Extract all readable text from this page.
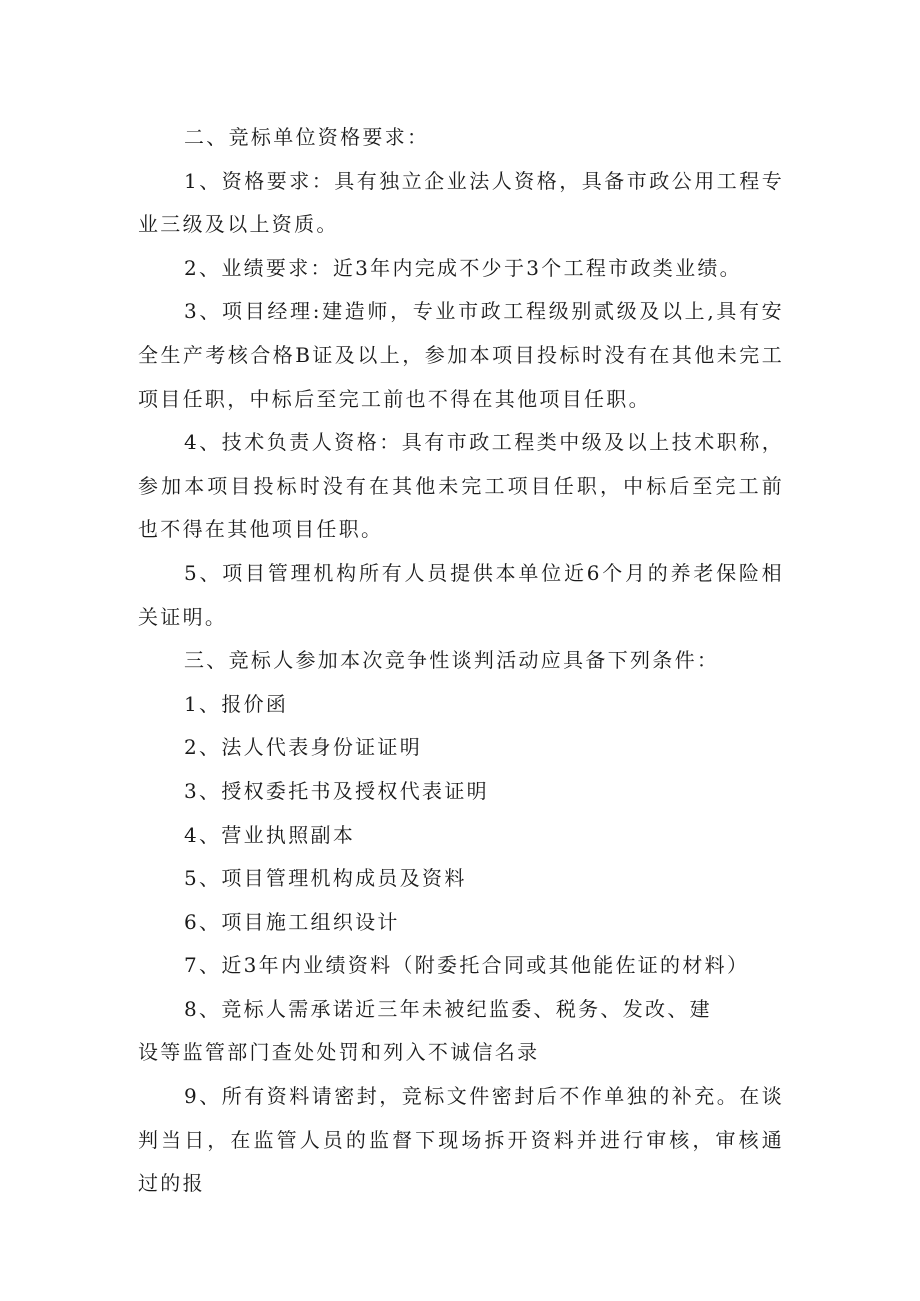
二、竞标单位资格要求：

1、资格要求：具有独立企业法人资格，具备市政公用工程专业三级及以上资质。

2、业绩要求：近3年内完成不少于3个工程市政类业绩。

3、项目经理:建造师，专业市政工程级别贰级及以上,具有安全生产考核合格B证及以上，参加本项目投标时没有在其他未完工项目任职，中标后至完工前也不得在其他项目任职。

4、技术负责人资格：具有市政工程类中级及以上技术职称，参加本项目投标时没有在其他未完工项目任职，中标后至完工前也不得在其他项目任职。

5、项目管理机构所有人员提供本单位近6个月的养老保险相关证明。

三、竞标人参加本次竞争性谈判活动应具备下列条件：

1、报价函

2、法人代表身份证证明

3、授权委托书及授权代表证明

4、营业执照副本

5、项目管理机构成员及资料

6、项目施工组织设计

7、近3年内业绩资料（附委托合同或其他能佐证的材料）

8、竞标人需承诺近三年未被纪监委、税务、发改、建

设等监管部门查处处罚和列入不诚信名录

9、所有资料请密封，竞标文件密封后不作单独的补充。在谈判当日，在监管人员的监督下现场拆开资料并进行审核，审核通过的报
